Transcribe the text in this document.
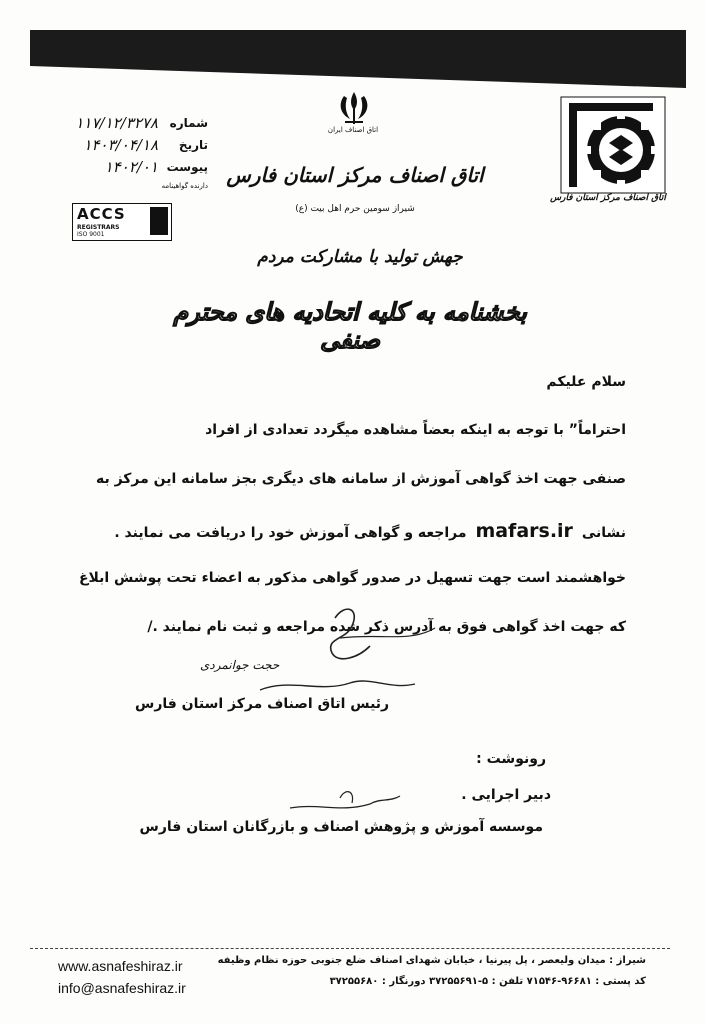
اتاق اصناف ایران
اتاق اصناف مرکز استان فارس
شیراز سومین حرم اهل بیت (ع)
اتاق اصناف مرکز استان فارس
شماره
۱۱۷/۱۲/۳۲۷۸
تاریخ
۱۴۰۳/۰۴/۱۸
پیوست
۱۴۰۲/۰۱
دارنده گواهینامه
ACCS
REGISTRARS
ISO 9001
جهش تولید با مشارکت مردم
بخشنامه به کلیه اتحادیه های محترم صنفی
سلام علیکم
احتراماً” با توجه به اینکه بعضاً مشاهده میگردد تعدادی از افراد
صنفی جهت اخذ گواهی آموزش از سامانه های دیگری بجز سامانه این مرکز به
نشانی mafars.ir مراجعه و گواهی آموزش خود را دریافت می نمایند .
خواهشمند است جهت تسهیل در صدور گواهی مذکور به اعضاء تحت پوشش ابلاغ
که جهت اخذ گواهی فوق به آدرس ذکر شده مراجعه و ثبت نام نمایند ./
حجت جوانمردی
رئیس اتاق اصناف مرکز استان فارس
رونوشت :
دبیر اجرایی .
موسسه آموزش و پژوهش اصناف و بازرگانان استان فارس
www.asnafeshiraz.ir
info@asnafeshiraz.ir
شیراز : میدان ولیعصر ، پل پیرنیا ، خیابان شهدای اصناف ضلع جنوبی حوزه نظام وظیفه
کد پستی : ۹۶۶۸۱-۷۱۵۴۶ تلفن : ۵-۳۷۲۵۵۶۹۱ دورنگار : ۳۷۲۵۵۶۸۰
